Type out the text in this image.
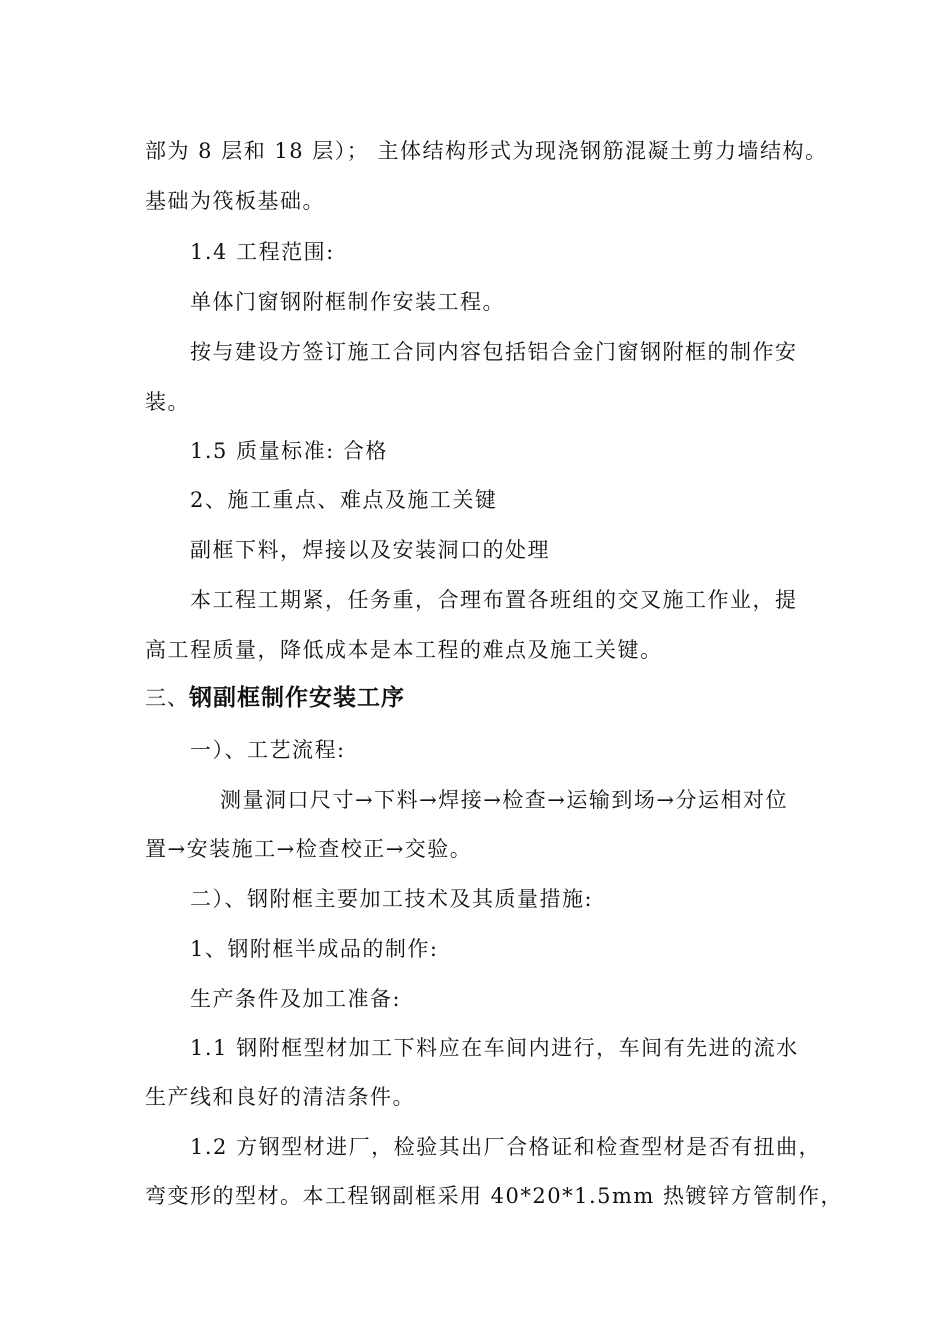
部为 8 层和 18 层）； 主体结构形式为现浇钢筋混凝土剪力墙结构。
基础为筏板基础。
1.4 工程范围:
单体门窗钢附框制作安装工程。
按与建设方签订施工合同内容包括铝合金门窗钢附框的制作安
装。
1.5 质量标准: 合格
2、施工重点、难点及施工关键
副框下料，焊接以及安装洞口的处理
本工程工期紧，任务重，合理布置各班组的交叉施工作业，提
高工程质量，降低成本是本工程的难点及施工关键。
三、钢副框制作安装工序
一）、工艺流程:
测量洞口尺寸→下料→焊接→检查→运输到场→分运相对位
置→安装施工→检查校正→交验。
二）、钢附框主要加工技术及其质量措施:
1、钢附框半成品的制作:
生产条件及加工准备:
1.1 钢附框型材加工下料应在车间内进行，车间有先进的流水
生产线和良好的清洁条件。
1.2 方钢型材进厂，检验其出厂合格证和检查型材是否有扭曲，
弯变形的型材。本工程钢副框采用 40*20*1.5mm 热镀锌方管制作，
